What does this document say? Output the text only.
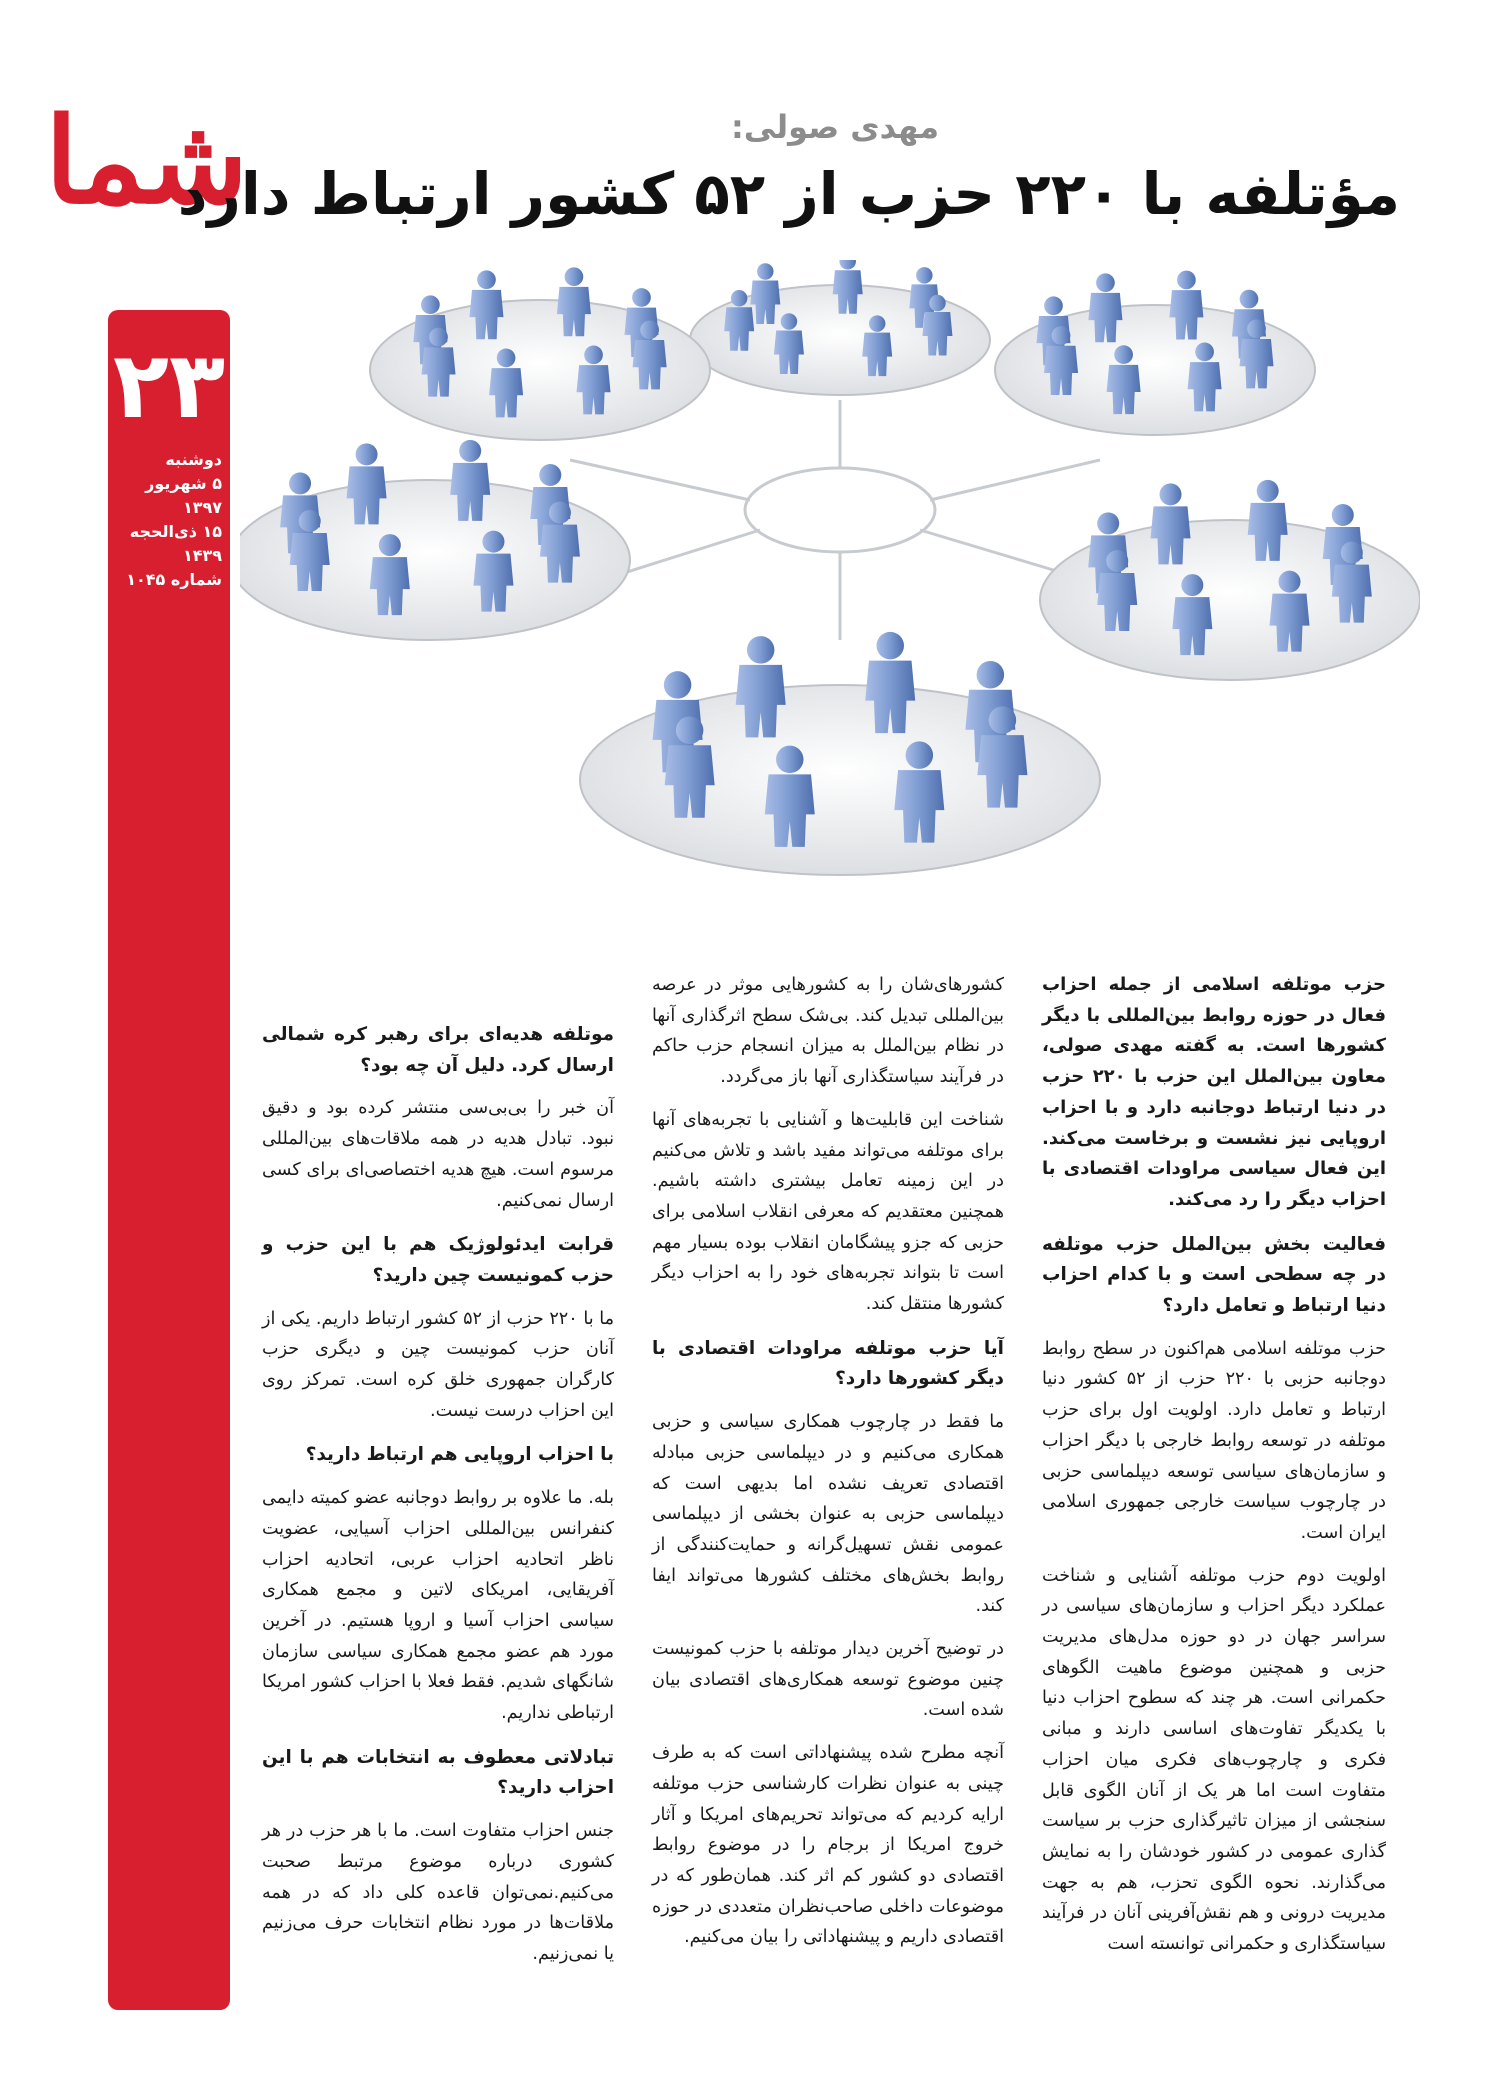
شما
۲۳
دوشنبه
۵ شهریور ۱۳۹۷
۱۵ ذی‌الحجه ۱۴۳۹
شماره ۱۰۴۵
مهدی صولی:
مؤتلفه با ۲۲۰ حزب از ۵۲ کشور ارتباط دارد

حزب موتلفه اسلامی از جمله احزاب فعال در حوزه روابط بین‌المللی با دیگر کشورها است. به گفته مهدی صولی، معاون بین‌الملل این حزب با ۲۲۰ حزب در دنیا ارتباط دوجانبه دارد و با احزاب اروپایی نیز نشست و برخاست می‌کند. این فعال سیاسی مراودات اقتصادی با احزاب دیگر را رد می‌کند.

فعالیت بخش بین‌الملل حزب موتلفه در چه سطحی است و با کدام احزاب دنیا ارتباط و تعامل دارد؟

حزب موتلفه اسلامی هم‌اکنون در سطح روابط دوجانبه حزبی با ۲۲۰ حزب از ۵۲ کشور دنیا ارتباط و تعامل دارد. اولویت اول برای حزب موتلفه در توسعه روابط خارجی با دیگر احزاب و سازمان‌های سیاسی توسعه دیپلماسی حزبی در چارچوب سیاست خارجی جمهوری اسلامی ایران است.

اولویت دوم حزب موتلفه آشنایی و شناخت عملکرد دیگر احزاب و سازمان‌های سیاسی در سراسر جهان در دو حوزه مدل‌های مدیریت حزبی و همچنین موضوع ماهیت الگوهای حکمرانی است. هر چند که سطوح احزاب دنیا با یکدیگر تفاوت‌های اساسی دارند و مبانی فکری و چارچوب‌های فکری میان احزاب متفاوت است اما هر یک از آنان الگوی قابل سنجشی از میزان تاثیرگذاری حزب بر سیاست گذاری عمومی در کشور خودشان را به نمایش می‌گذارند. نحوه الگوی تحزب، هم به جهت مدیریت درونی و هم نقش‌آفرینی آنان در فرآیند سیاستگذاری و حکمرانی توانسته است

کشورهای‌شان را به کشورهایی موثر در عرصه بین‌المللی تبدیل کند. بی‌شک سطح اثرگذاری آنها در نظام بین‌الملل به میزان انسجام حزب حاکم در فرآیند سیاستگذاری آنها باز می‌گردد.

شناخت این قابلیت‌ها و آشنایی با تجربه‌های آنها برای موتلفه می‌تواند مفید باشد و تلاش می‌کنیم در این زمینه تعامل بیشتری داشته باشیم. همچنین معتقدیم که معرفی انقلاب اسلامی برای حزبی که جزو پیشگامان انقلاب بوده بسیار مهم است تا بتواند تجربه‌های خود را به احزاب دیگر کشورها منتقل کند.

آیا حزب موتلفه مراودات اقتصادی با دیگر کشورها دارد؟

ما فقط در چارچوب همکاری سیاسی و حزبی همکاری می‌کنیم و در دیپلماسی حزبی مبادله اقتصادی تعریف نشده اما بدیهی است که دیپلماسی حزبی به عنوان بخشی از دیپلماسی عمومی نقش تسهیل‌گرانه و حمایت‌کنندگی از روابط بخش‌های مختلف کشورها می‌تواند ایفا کند.

در توضیح آخرین دیدار موتلفه با حزب کمونیست چنین موضوع توسعه همکاری‌های اقتصادی بیان شده است.

آنچه مطرح شده پیشنهاداتی است که به طرف چینی به عنوان نظرات کارشناسی حزب موتلفه ارایه کردیم که می‌تواند تحریم‌های امریکا و آثار خروج امریکا از برجام را در موضوع روابط اقتصادی دو کشور کم اثر کند. همان‌طور که در موضوعات داخلی صاحب‌نظران متعددی در حوزه اقتصادی داریم و پیشنهاداتی را بیان می‌کنیم.

موتلفه هدیه‌ای برای رهبر کره شمالی ارسال کرد. دلیل آن چه بود؟

آن خبر را بی‌بی‌سی منتشر کرده بود و دقیق نبود. تبادل هدیه در همه ملاقات‌های بین‌المللی مرسوم است. هیچ هدیه اختصاصی‌ای برای کسی ارسال نمی‌کنیم.

قرابت ایدئولوژیک هم با این حزب و حزب کمونیست چین دارید؟

ما با ۲۲۰ حزب از ۵۲ کشور ارتباط داریم. یکی از آنان حزب کمونیست چین و دیگری حزب کارگران جمهوری خلق کره است. تمرکز روی این احزاب درست نیست.

با احزاب اروپایی هم ارتباط دارید؟

بله. ما علاوه بر روابط دوجانبه عضو کمیته دایمی کنفرانس بین‌المللی احزاب آسیایی، عضویت ناظر اتحادیه احزاب عربی، اتحادیه احزاب آفریقایی، امریکای لاتین و مجمع همکاری سیاسی احزاب آسیا و اروپا هستیم. در آخرین مورد هم عضو مجمع همکاری سیاسی سازمان شانگهای شدیم. فقط فعلا با احزاب کشور امریکا ارتباطی نداریم.

تبادلاتی معطوف به انتخابات هم با این احزاب دارید؟

جنس احزاب متفاوت است. ما با هر حزب در هر کشوری درباره موضوع مرتبط صحبت می‌کنیم.نمی‌توان قاعده کلی داد که در همه ملاقات‌ها در مورد نظام انتخابات حرف می‌زنیم یا نمی‌زنیم.
